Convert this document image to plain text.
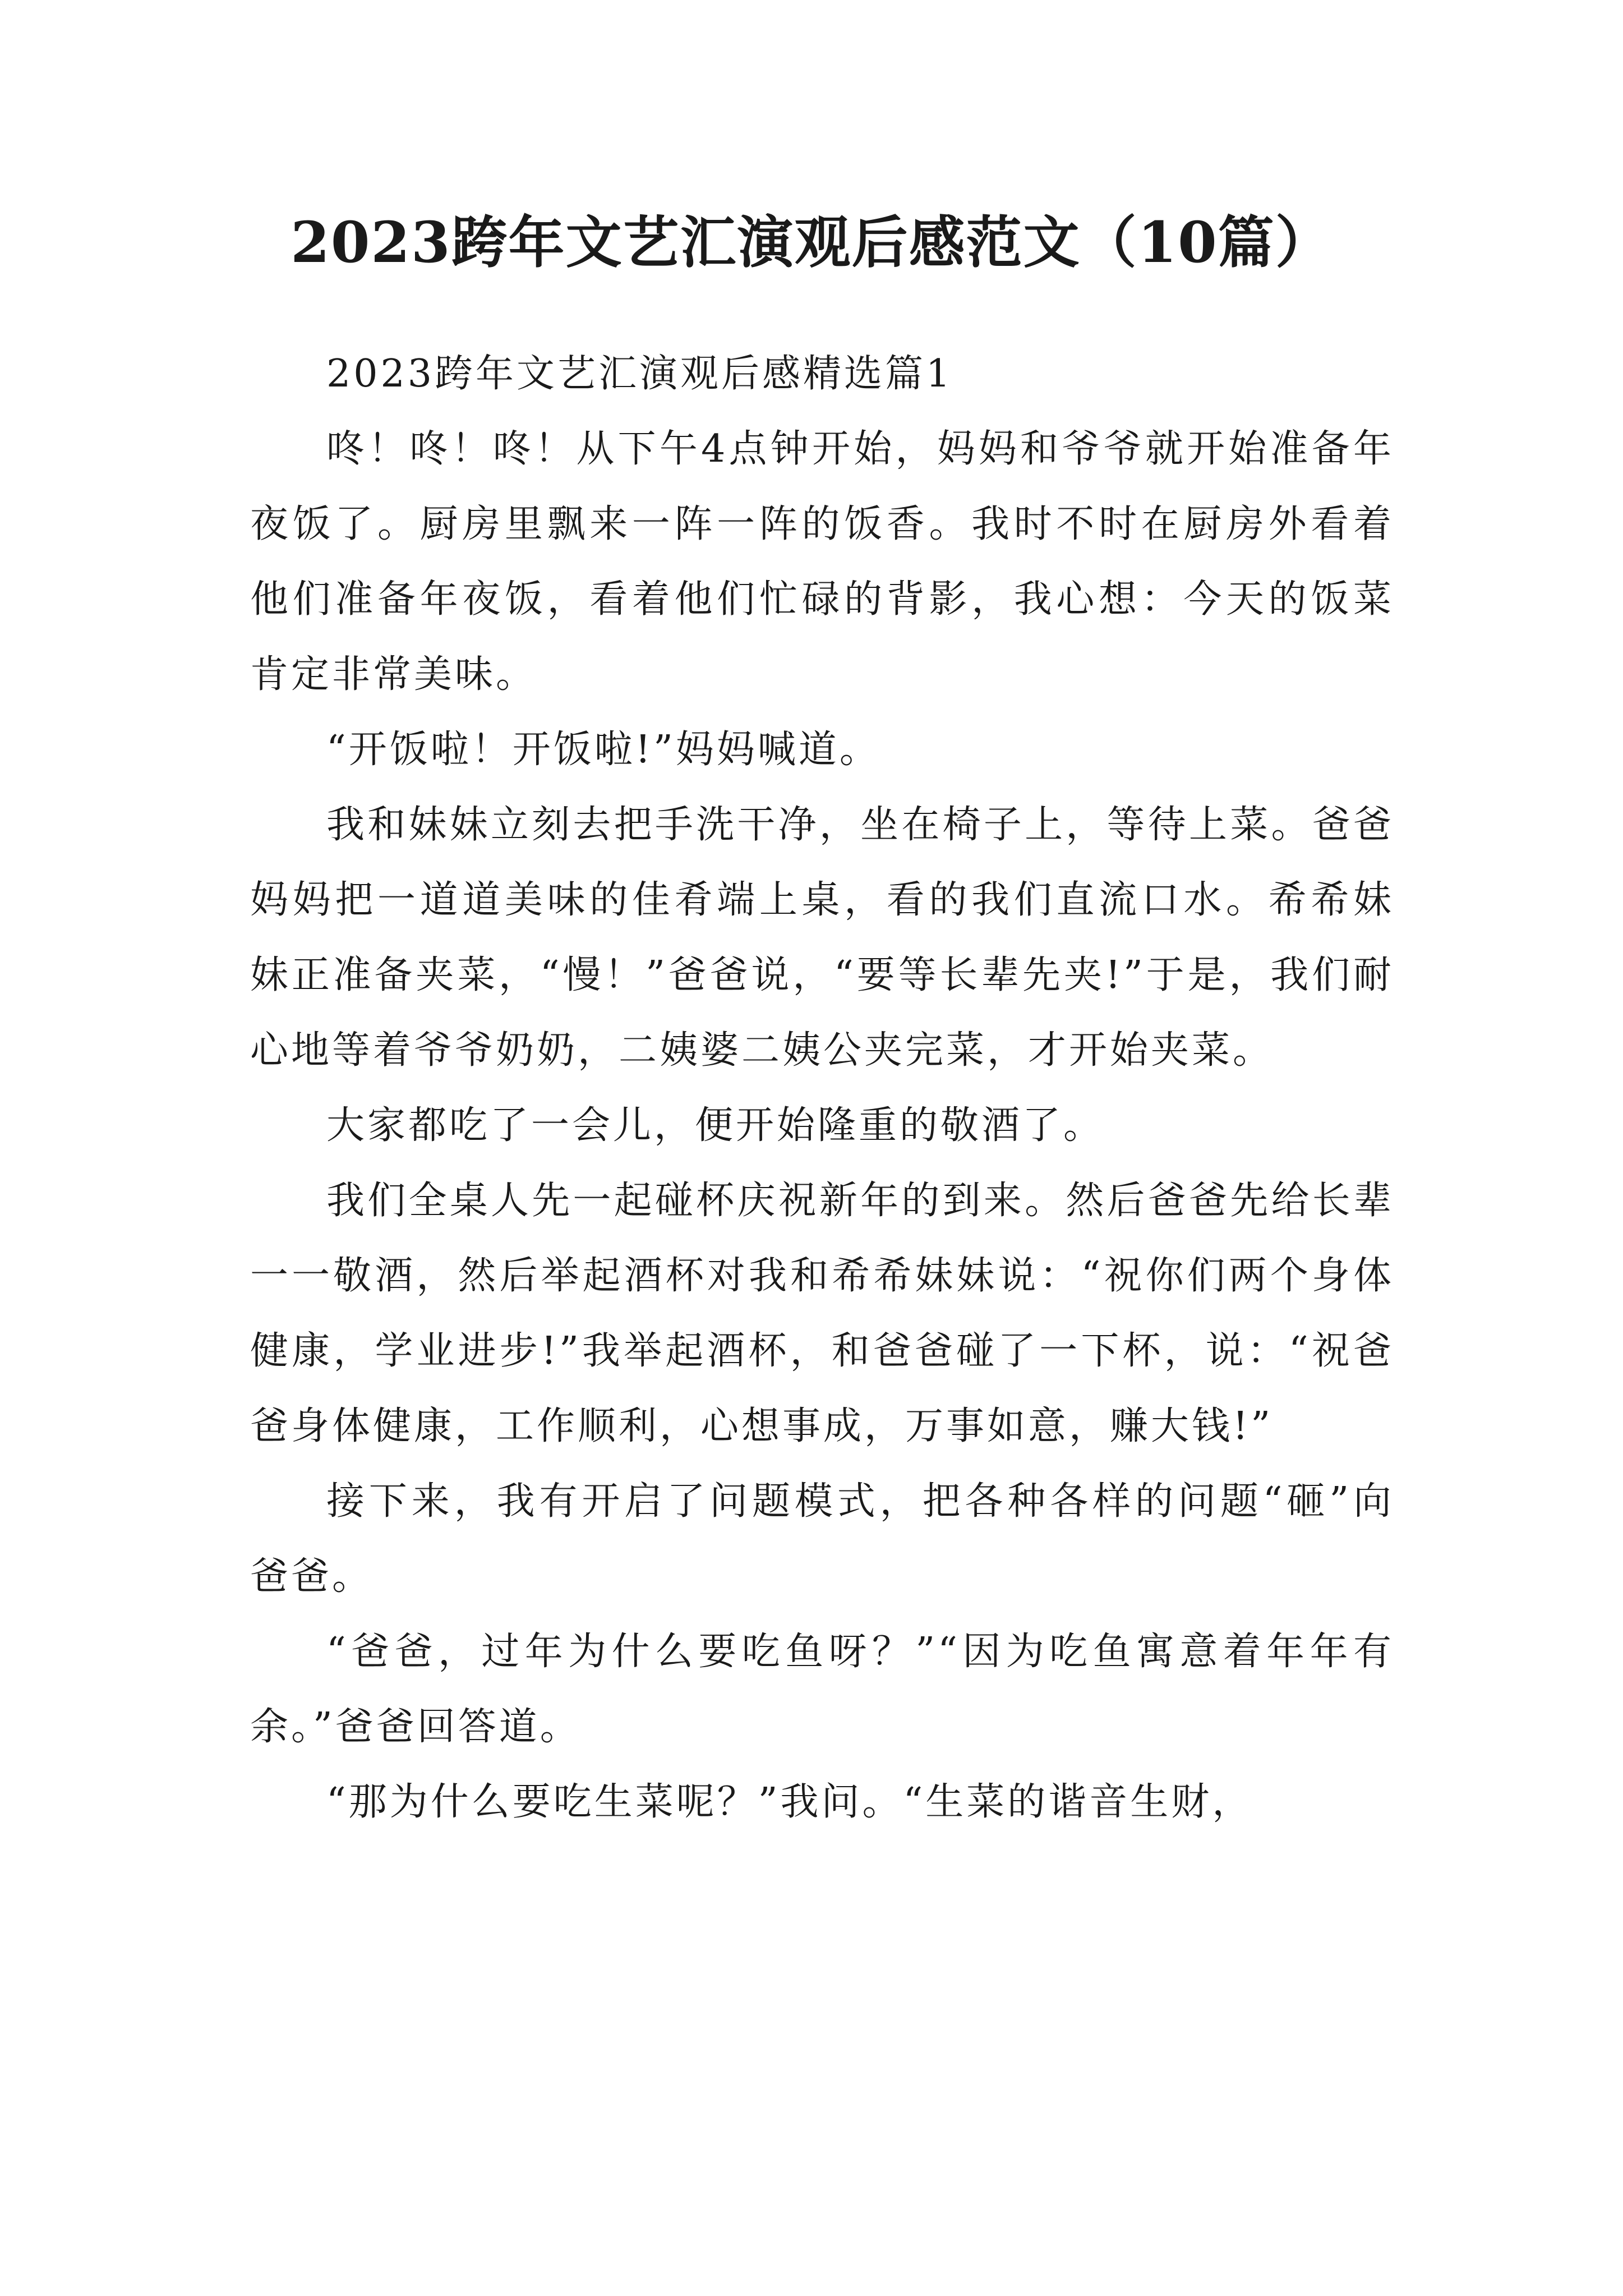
2023跨年文艺汇演观后感范文（10篇）

2023跨年文艺汇演观后感精选篇1

咚！咚！咚！从下午4点钟开始，妈妈和爷爷就开始准备年夜饭了。厨房里飘来一阵一阵的饭香。我时不时在厨房外看着他们准备年夜饭，看着他们忙碌的背影，我心想：今天的饭菜肯定非常美味。

“开饭啦！开饭啦!”妈妈喊道。

我和妹妹立刻去把手洗干净，坐在椅子上，等待上菜。爸爸妈妈把一道道美味的佳肴端上桌，看的我们直流口水。希希妹妹正准备夹菜，“慢！”爸爸说，“要等长辈先夹!”于是，我们耐心地等着爷爷奶奶，二姨婆二姨公夹完菜，才开始夹菜。

大家都吃了一会儿，便开始隆重的敬酒了。

我们全桌人先一起碰杯庆祝新年的到来。然后爸爸先给长辈一一敬酒，然后举起酒杯对我和希希妹妹说：“祝你们两个身体健康，学业进步!”我举起酒杯，和爸爸碰了一下杯，说：“祝爸爸身体健康，工作顺利，心想事成，万事如意，赚大钱!”

接下来，我有开启了问题模式，把各种各样的问题“砸”向爸爸。

“爸爸，过年为什么要吃鱼呀？”“因为吃鱼寓意着年年有余。”爸爸回答道。

“那为什么要吃生菜呢？”我问。“生菜的谐音生财，
